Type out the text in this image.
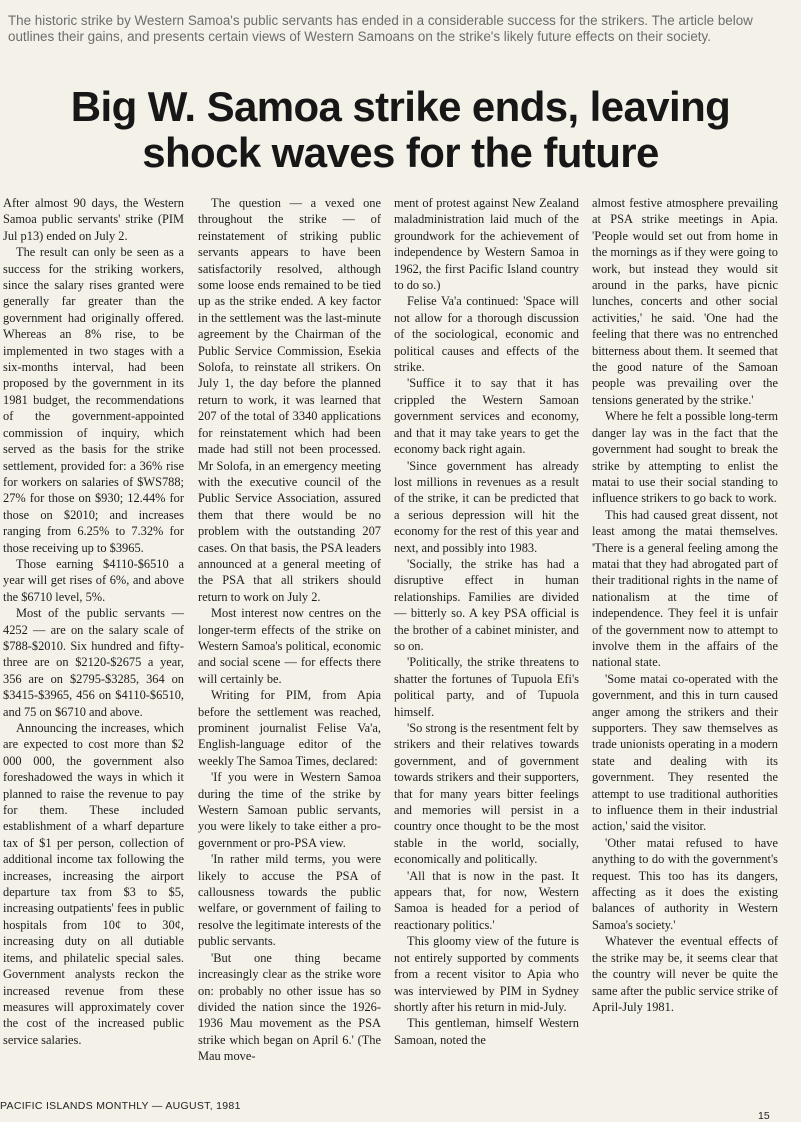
The historic strike by Western Samoa's public servants has ended in a considerable success for the strikers. The article below outlines their gains, and presents certain views of Western Samoans on the strike's likely future effects on their society.

Big W. Samoa strike ends, leaving
shock waves for the future

After almost 90 days, the Western Samoa public servants' strike (PIM Jul p13) ended on July 2.

The result can only be seen as a success for the striking workers, since the salary rises granted were generally far greater than the government had originally offered. Whereas an 8% rise, to be implemented in two stages with a six-months interval, had been proposed by the government in its 1981 budget, the recommendations of the government-appointed commission of inquiry, which served as the basis for the strike settlement, provided for: a 36% rise for workers on salaries of $WS788; 27% for those on $930; 12.44% for those on $2010; and increases ranging from 6.25% to 7.32% for those receiving up to $3965.

Those earning $4110-$6510 a year will get rises of 6%, and above the $6710 level, 5%.

Most of the public servants — 4252 — are on the salary scale of $788-$2010. Six hundred and fifty-three are on $2120-$2675 a year, 356 are on $2795-$3285, 364 on $3415-$3965, 456 on $4110-$6510, and 75 on $6710 and above.

Announcing the increases, which are expected to cost more than $2 000 000, the government also foreshadowed the ways in which it planned to raise the revenue to pay for them. These included establishment of a wharf departure tax of $1 per person, collection of additional income tax following the increases, increasing the airport departure tax from $3 to $5, increasing outpatients' fees in public hospitals from 10¢ to 30¢, increasing duty on all dutiable items, and philatelic special sales. Government analysts reckon the increased revenue from these measures will approximately cover the cost of the increased public service salaries.

The question — a vexed one throughout the strike — of reinstatement of striking public servants appears to have been satisfactorily resolved, although some loose ends remained to be tied up as the strike ended. A key factor in the settlement was the last-minute agreement by the Chairman of the Public Service Commission, Esekia Solofa, to reinstate all strikers. On July 1, the day before the planned return to work, it was learned that 207 of the total of 3340 applications for reinstatement which had been made had still not been processed. Mr Solofa, in an emergency meeting with the executive council of the Public Service Association, assured them that there would be no problem with the outstanding 207 cases. On that basis, the PSA leaders announced at a general meeting of the PSA that all strikers should return to work on July 2.

Most interest now centres on the longer-term effects of the strike on Western Samoa's political, economic and social scene — for effects there will certainly be.

Writing for PIM, from Apia before the settlement was reached, prominent journalist Felise Va'a, English-language editor of the weekly The Samoa Times, declared:

'If you were in Western Samoa during the time of the strike by Western Samoan public servants, you were likely to take either a pro-government or pro-PSA view.

'In rather mild terms, you were likely to accuse the PSA of callousness towards the public welfare, or government of failing to resolve the legitimate interests of the public servants.

'But one thing became increasingly clear as the strike wore on: probably no other issue has so divided the nation since the 1926-1936 Mau movement as the PSA strike which began on April 6.' (The Mau move-

ment of protest against New Zealand maladministration laid much of the groundwork for the achievement of independence by Western Samoa in 1962, the first Pacific Island country to do so.)

Felise Va'a continued: 'Space will not allow for a thorough discussion of the sociological, economic and political causes and effects of the strike.

'Suffice it to say that it has crippled the Western Samoan government services and economy, and that it may take years to get the economy back right again.

'Since government has already lost millions in revenues as a result of the strike, it can be predicted that a serious depression will hit the economy for the rest of this year and next, and possibly into 1983.

'Socially, the strike has had a disruptive effect in human relationships. Families are divided — bitterly so. A key PSA official is the brother of a cabinet minister, and so on.

'Politically, the strike threatens to shatter the fortunes of Tupuola Efi's political party, and of Tupuola himself.

'So strong is the resentment felt by strikers and their relatives towards government, and of government towards strikers and their supporters, that for many years bitter feelings and memories will persist in a country once thought to be the most stable in the world, socially, economically and politically.

'All that is now in the past. It appears that, for now, Western Samoa is headed for a period of reactionary politics.'

This gloomy view of the future is not entirely supported by comments from a recent visitor to Apia who was interviewed by PIM in Sydney shortly after his return in mid-July.

This gentleman, himself Western Samoan, noted the

almost festive atmosphere prevailing at PSA strike meetings in Apia. 'People would set out from home in the mornings as if they were going to work, but instead they would sit around in the parks, have picnic lunches, concerts and other social activities,' he said. 'One had the feeling that there was no entrenched bitterness about them. It seemed that the good nature of the Samoan people was prevailing over the tensions generated by the strike.'

Where he felt a possible long-term danger lay was in the fact that the government had sought to break the strike by attempting to enlist the matai to use their social standing to influence strikers to go back to work.

This had caused great dissent, not least among the matai themselves. 'There is a general feeling among the matai that they had abrogated part of their traditional rights in the name of nationalism at the time of independence. They feel it is unfair of the government now to attempt to involve them in the affairs of the national state.

'Some matai co-operated with the government, and this in turn caused anger among the strikers and their supporters. They saw themselves as trade unionists operating in a modern state and dealing with its government. They resented the attempt to use traditional authorities to influence them in their industrial action,' said the visitor.

'Other matai refused to have anything to do with the government's request. This too has its dangers, affecting as it does the existing balances of authority in Western Samoa's society.'

Whatever the eventual effects of the strike may be, it seems clear that the country will never be quite the same after the public service strike of April-July 1981.

PACIFIC ISLANDS MONTHLY — AUGUST, 1981
15
